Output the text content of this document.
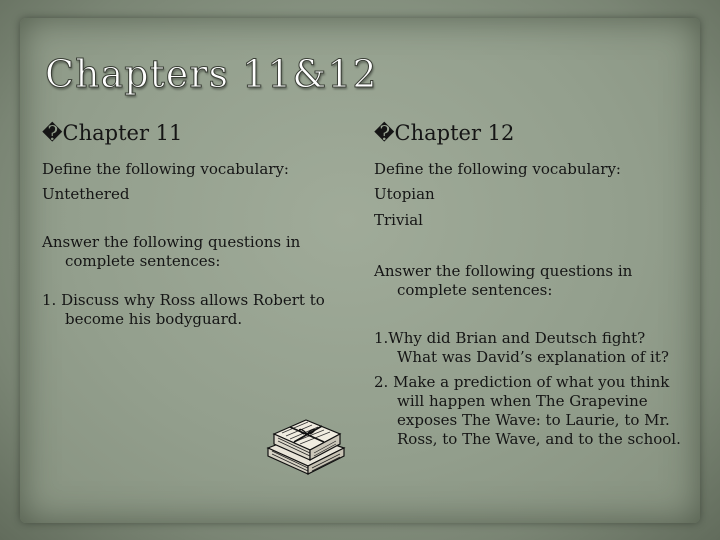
Chapters 11&12

�Chapter 11

Define the following vocabulary:

Untethered

Answer the following questions in complete sentences:

1. Discuss why Ross allows Robert to become his bodyguard.

�Chapter 12

Define the following vocabulary:

Utopian

Trivial

Answer the following questions in complete sentences:

1.Why did Brian and Deutsch fight? What was David’s explanation of it?

2. Make a prediction of what you think will happen when The Grapevine exposes The Wave: to Laurie, to Mr. Ross, to The Wave, and to the school.
